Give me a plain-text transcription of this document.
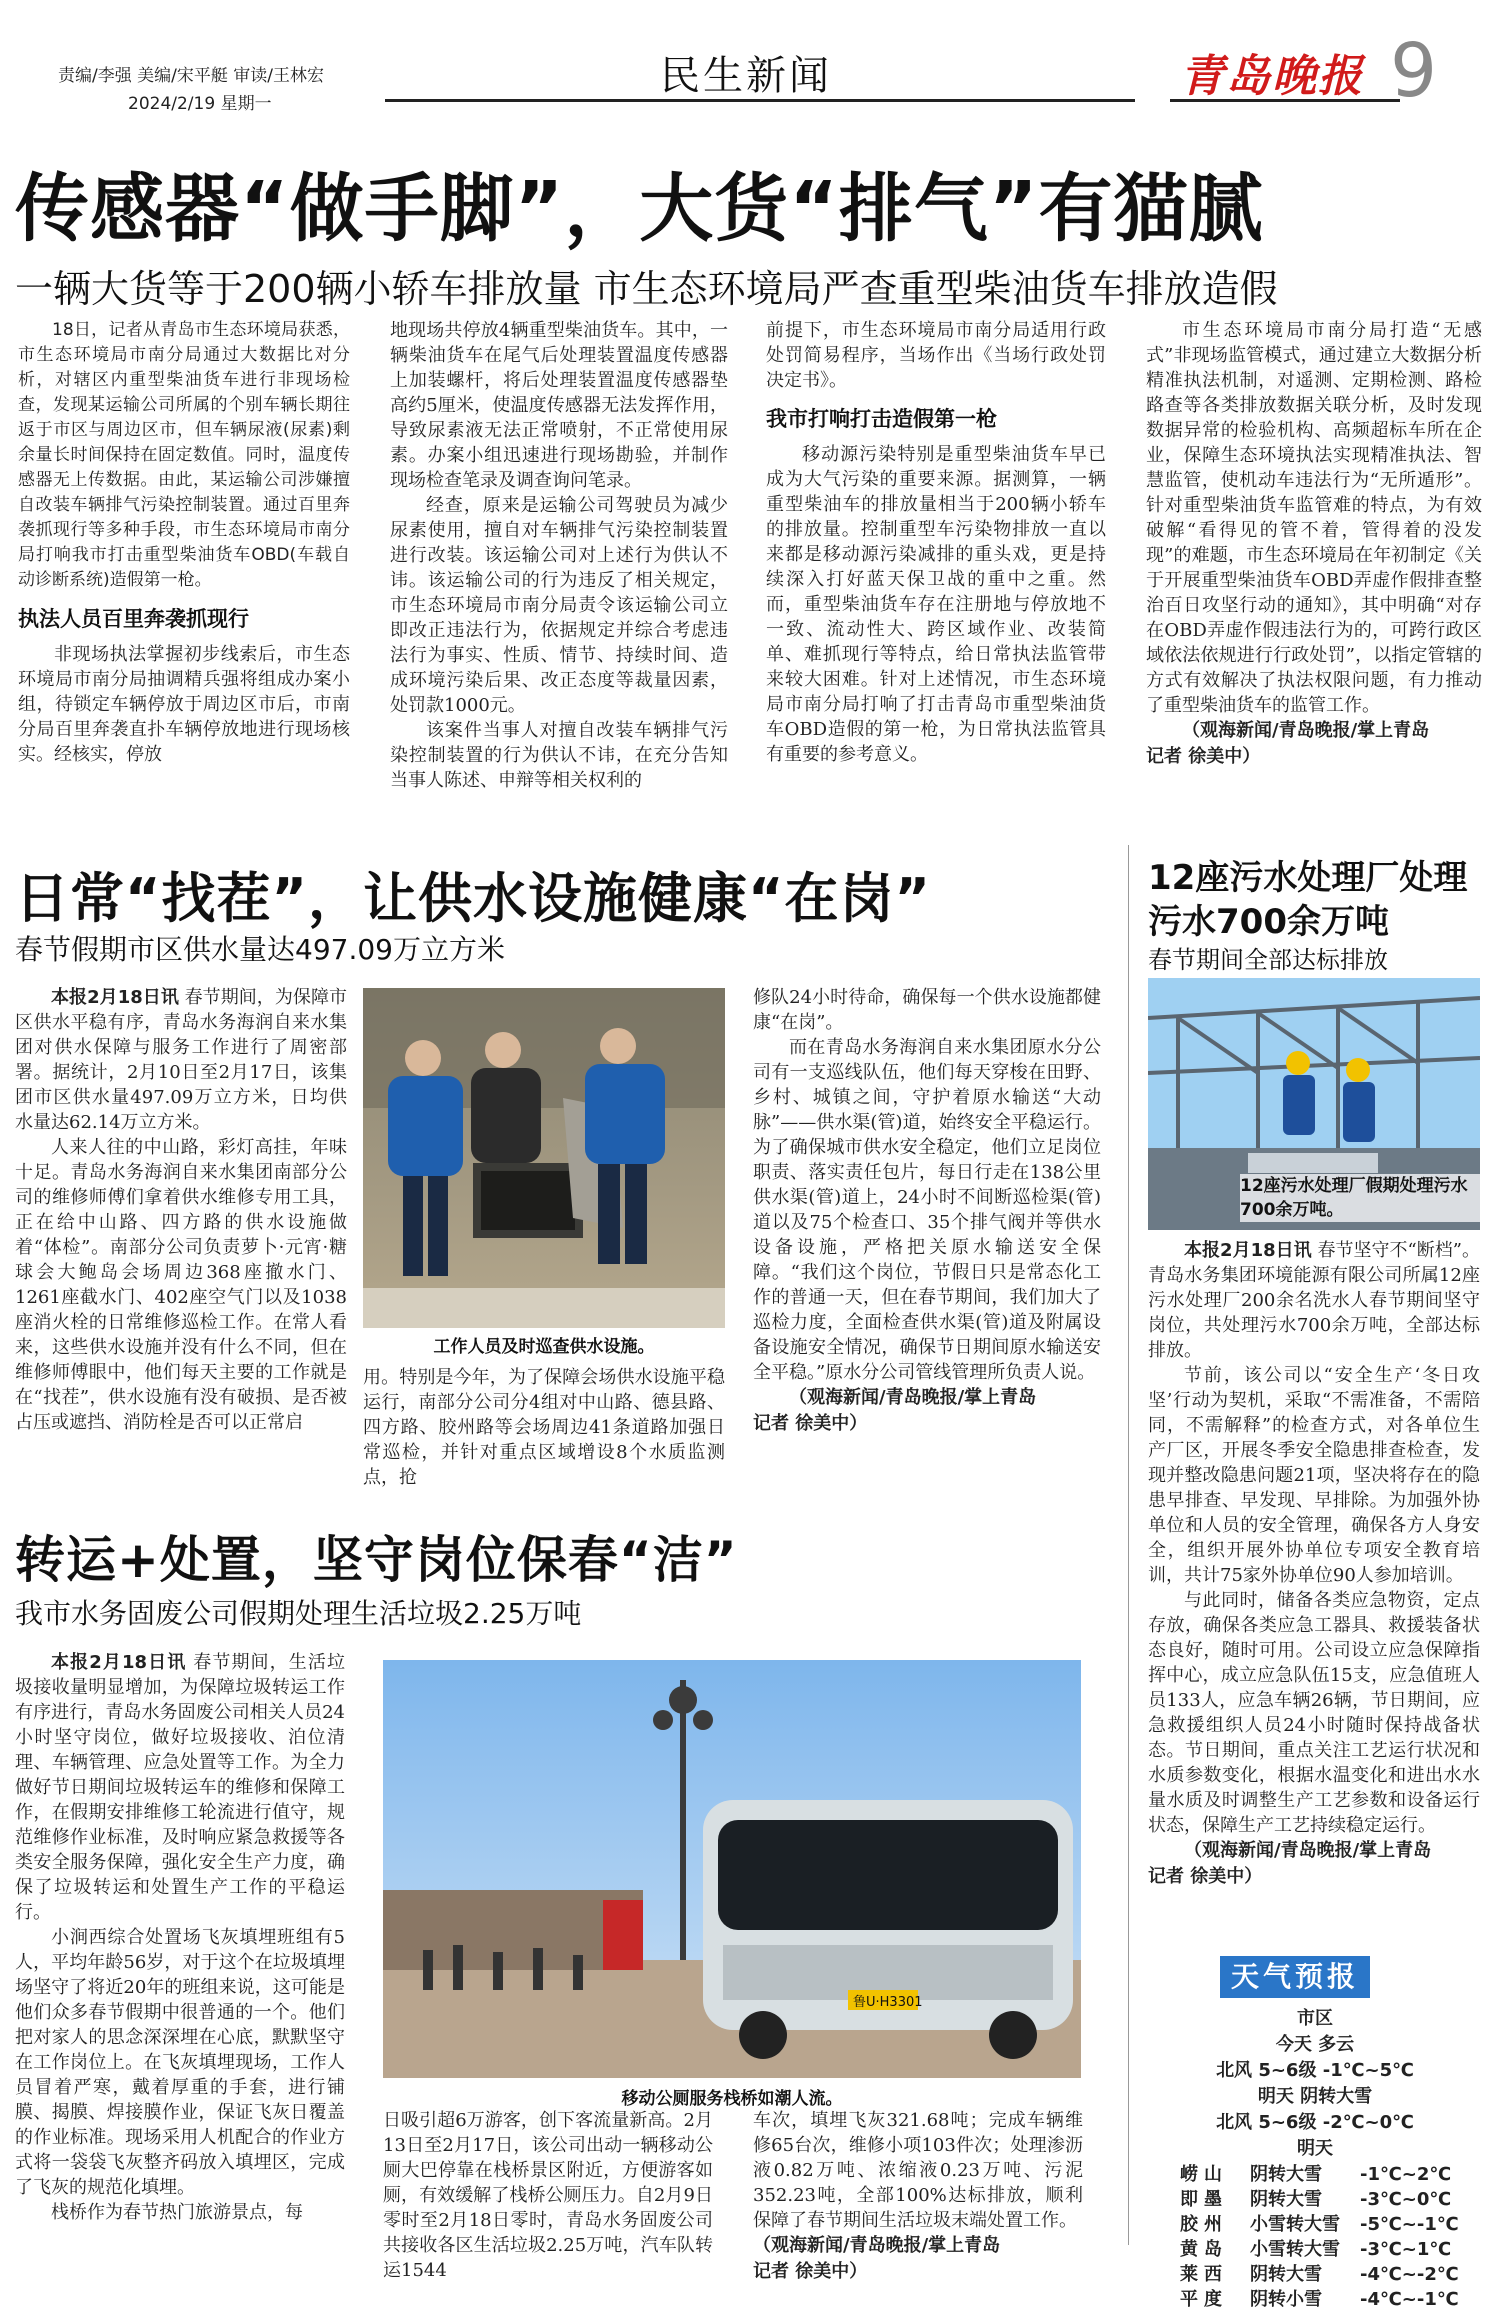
责编/李强 美编/宋平艇 审读/王林宏
2024/2/19 星期一
民生新闻	青岛晚报 9
传感器“做手脚”，大货“排气”有猫腻
一辆大货等于200辆小轿车排放量 市生态环境局严查重型柴油货车排放造假

18日，记者从青岛市生态环境局获悉，市生态环境局市南分局通过大数据比对分析，对辖区内重型柴油货车进行非现场检查，发现某运输公司所属的个别车辆长期往返于市区与周边区市，但车辆尿液(尿素)剩余量长时间保持在固定数值。同时，温度传感器无上传数据。由此，某运输公司涉嫌擅自改装车辆排气污染控制装置。通过百里奔袭抓现行等多种手段，市生态环境局市南分局打响我市打击重型柴油货车OBD(车载自动诊断系统)造假第一枪。

执法人员百里奔袭抓现行

非现场执法掌握初步线索后，市生态环境局市南分局抽调精兵强将组成办案小组，待锁定车辆停放于周边区市后，市南分局百里奔袭直扑车辆停放地进行现场核实。经核实，停放

地现场共停放4辆重型柴油货车。其中，一辆柴油货车在尾气后处理装置温度传感器上加装螺杆，将后处理装置温度传感器垫高约5厘米，使温度传感器无法发挥作用，导致尿素液无法正常喷射，不正常使用尿素。办案小组迅速进行现场勘验，并制作现场检查笔录及调查询问笔录。

经查，原来是运输公司驾驶员为减少尿素使用，擅自对车辆排气污染控制装置进行改装。该运输公司对上述行为供认不讳。该运输公司的行为违反了相关规定，市生态环境局市南分局责令该运输公司立即改正违法行为，依据规定并综合考虑违法行为事实、性质、情节、持续时间、造成环境污染后果、改正态度等裁量因素，处罚款1000元。

该案件当事人对擅自改装车辆排气污染控制装置的行为供认不讳，在充分告知当事人陈述、申辩等相关权利的

前提下，市生态环境局市南分局适用行政处罚简易程序，当场作出《当场行政处罚决定书》。

我市打响打击造假第一枪

移动源污染特别是重型柴油货车早已成为大气污染的重要来源。据测算，一辆重型柴油车的排放量相当于200辆小轿车的排放量。控制重型车污染物排放一直以来都是移动源污染减排的重头戏，更是持续深入打好蓝天保卫战的重中之重。然而，重型柴油货车存在注册地与停放地不一致、流动性大、跨区域作业、改装简单、难抓现行等特点，给日常执法监管带来较大困难。针对上述情况，市生态环境局市南分局打响了打击青岛市重型柴油货车OBD造假的第一枪，为日常执法监管具有重要的参考意义。

市生态环境局市南分局打造“无感式”非现场监管模式，通过建立大数据分析精准执法机制，对遥测、定期检测、路检路查等各类排放数据关联分析，及时发现数据异常的检验机构、高频超标车所在企业，保障生态环境执法实现精准执法、智慧监管，使机动车违法行为“无所遁形”。针对重型柴油货车监管难的特点，为有效破解“看得见的管不着，管得着的没发现”的难题，市生态环境局在年初制定《关于开展重型柴油货车OBD弄虚作假排查整治百日攻坚行动的通知》，其中明确“对存在OBD弄虚作假违法行为的，可跨行政区域依法依规进行行政处罚”，以指定管辖的方式有效解决了执法权限问题，有力推动了重型柴油货车的监管工作。

（观海新闻/青岛晚报/掌上青岛
记者 徐美中）
日常“找茬”，让供水设施健康“在岗”
春节假期市区供水量达497.09万立方米

本报2月18日讯 春节期间，为保障市区供水平稳有序，青岛水务海润自来水集团对供水保障与服务工作进行了周密部署。据统计，2月10日至2月17日，该集团市区供水量497.09万立方米，日均供水量达62.14万立方米。

人来人往的中山路，彩灯高挂，年味十足。青岛水务海润自来水集团南部分公司的维修师傅们拿着供水维修专用工具，正在给中山路、四方路的供水设施做着“体检”。南部分公司负责萝卜·元宵·糖球会大鲍岛会场周边368座撤水门、1261座截水门、402座空气门以及1038座消火栓的日常维修巡检工作。在常人看来，这些供水设施并没有什么不同，但在维修师傅眼中，他们每天主要的工作就是在“找茬”，供水设施有没有破损、是否被占压或遮挡、消防栓是否可以正常启

工作人员及时巡查供水设施。

用。特别是今年，为了保障会场供水设施平稳运行，南部分公司分4组对中山路、德县路、四方路、胶州路等会场周边41条道路加强日常巡检，并针对重点区域增设8个水质监测点，抢

修队24小时待命，确保每一个供水设施都健康“在岗”。

而在青岛水务海润自来水集团原水分公司有一支巡线队伍，他们每天穿梭在田野、乡村、城镇之间，守护着原水输送“大动脉”——供水渠(管)道，始终安全平稳运行。为了确保城市供水安全稳定，他们立足岗位职责、落实责任包片，每日行走在138公里供水渠(管)道上，24小时不间断巡检渠(管)道以及75个检查口、35个排气阀并等供水设备设施，严格把关原水输送安全保障。“我们这个岗位，节假日只是常态化工作的普通一天，但在春节期间，我们加大了巡检力度，全面检查供水渠(管)道及附属设备设施安全情况，确保节日期间原水输送安全平稳。”原水分公司管线管理所负责人说。

（观海新闻/青岛晚报/掌上青岛
记者 徐美中）
12座污水处理厂处理污水700余万吨
春节期间全部达标排放
12座污水处理厂假期处理污水700余万吨。

本报2月18日讯 春节坚守不“断档”。青岛水务集团环境能源有限公司所属12座污水处理厂200余名洗水人春节期间坚守岗位，共处理污水700余万吨，全部达标排放。

节前，该公司以“安全生产‘冬日攻坚’行动为契机，采取“不需准备，不需陪同，不需解释”的检查方式，对各单位生产厂区，开展冬季安全隐患排查检查，发现并整改隐患问题21项，坚决将存在的隐患早排查、早发现、早排除。为加强外协单位和人员的安全管理，确保各方人身安全，组织开展外协单位专项安全教育培训，共计75家外协单位90人参加培训。

与此同时，储备各类应急物资，定点存放，确保各类应急工器具、救援装备状态良好，随时可用。公司设立应急保障指挥中心，成立应急队伍15支，应急值班人员133人，应急车辆26辆，节日期间，应急救援组织人员24小时随时保持战备状态。节日期间，重点关注工艺运行状况和水质参数变化，根据水温变化和进出水水量水质及时调整生产工艺参数和设备运行状态，保障生产工艺持续稳定运行。

（观海新闻/青岛晚报/掌上青岛
记者 徐美中）
转运+处置，坚守岗位保春“洁”
我市水务固废公司假期处理生活垃圾2.25万吨

本报2月18日讯 春节期间，生活垃圾接收量明显增加，为保障垃圾转运工作有序进行，青岛水务固废公司相关人员24小时坚守岗位，做好垃圾接收、泊位清理、车辆管理、应急处置等工作。为全力做好节日期间垃圾转运车的维修和保障工作，在假期安排维修工轮流进行值守，规范维修作业标准，及时响应紧急救援等各类安全服务保障，强化安全生产力度，确保了垃圾转运和处置生产工作的平稳运行。

小涧西综合处置场飞灰填埋班组有5人，平均年龄56岁，对于这个在垃圾填埋场坚守了将近20年的班组来说，这可能是他们众多春节假期中很普通的一个。他们把对家人的思念深深埋在心底，默默坚守在工作岗位上。在飞灰填埋现场，工作人员冒着严寒，戴着厚重的手套，进行铺膜、揭膜、焊接膜作业，保证飞灰日覆盖的作业标准。现场采用人机配合的作业方式将一袋袋飞灰整齐码放入填埋区，完成了飞灰的规范化填埋。

栈桥作为春节热门旅游景点，每

鲁U·H3301
移动公厕服务栈桥如潮人流。

日吸引超6万游客，创下客流量新高。2月13日至2月17日，该公司出动一辆移动公厕大巴停靠在栈桥景区附近，方便游客如厕，有效缓解了栈桥公厕压力。自2月9日零时至2月18日零时，青岛水务固废公司共接收各区生活垃圾2.25万吨，汽车队转运1544

车次，填埋飞灰321.68吨；完成车辆维修65台次，维修小项103件次；处理渗沥液0.82万吨、浓缩液0.23万吨、污泥352.23吨，全部100%达标排放，顺利保障了春节期间生活垃圾末端处置工作。

（观海新闻/青岛晚报/掌上青岛
记者 徐美中）
天气预报
市区
今天 多云
北风 5~6级 -1℃~5℃
明天 阴转大雪
北风 5~6级 -2℃~0℃
明天
崂山	阴转大雪	-1℃~2℃
即墨	阴转大雪	-3℃~0℃
胶州	小雪转大雪	-5℃~-1℃
黄岛	小雪转大雪	-3℃~1℃
莱西	阴转大雪	-4℃~-2℃
平度	阴转小雪	-4℃~-1℃
